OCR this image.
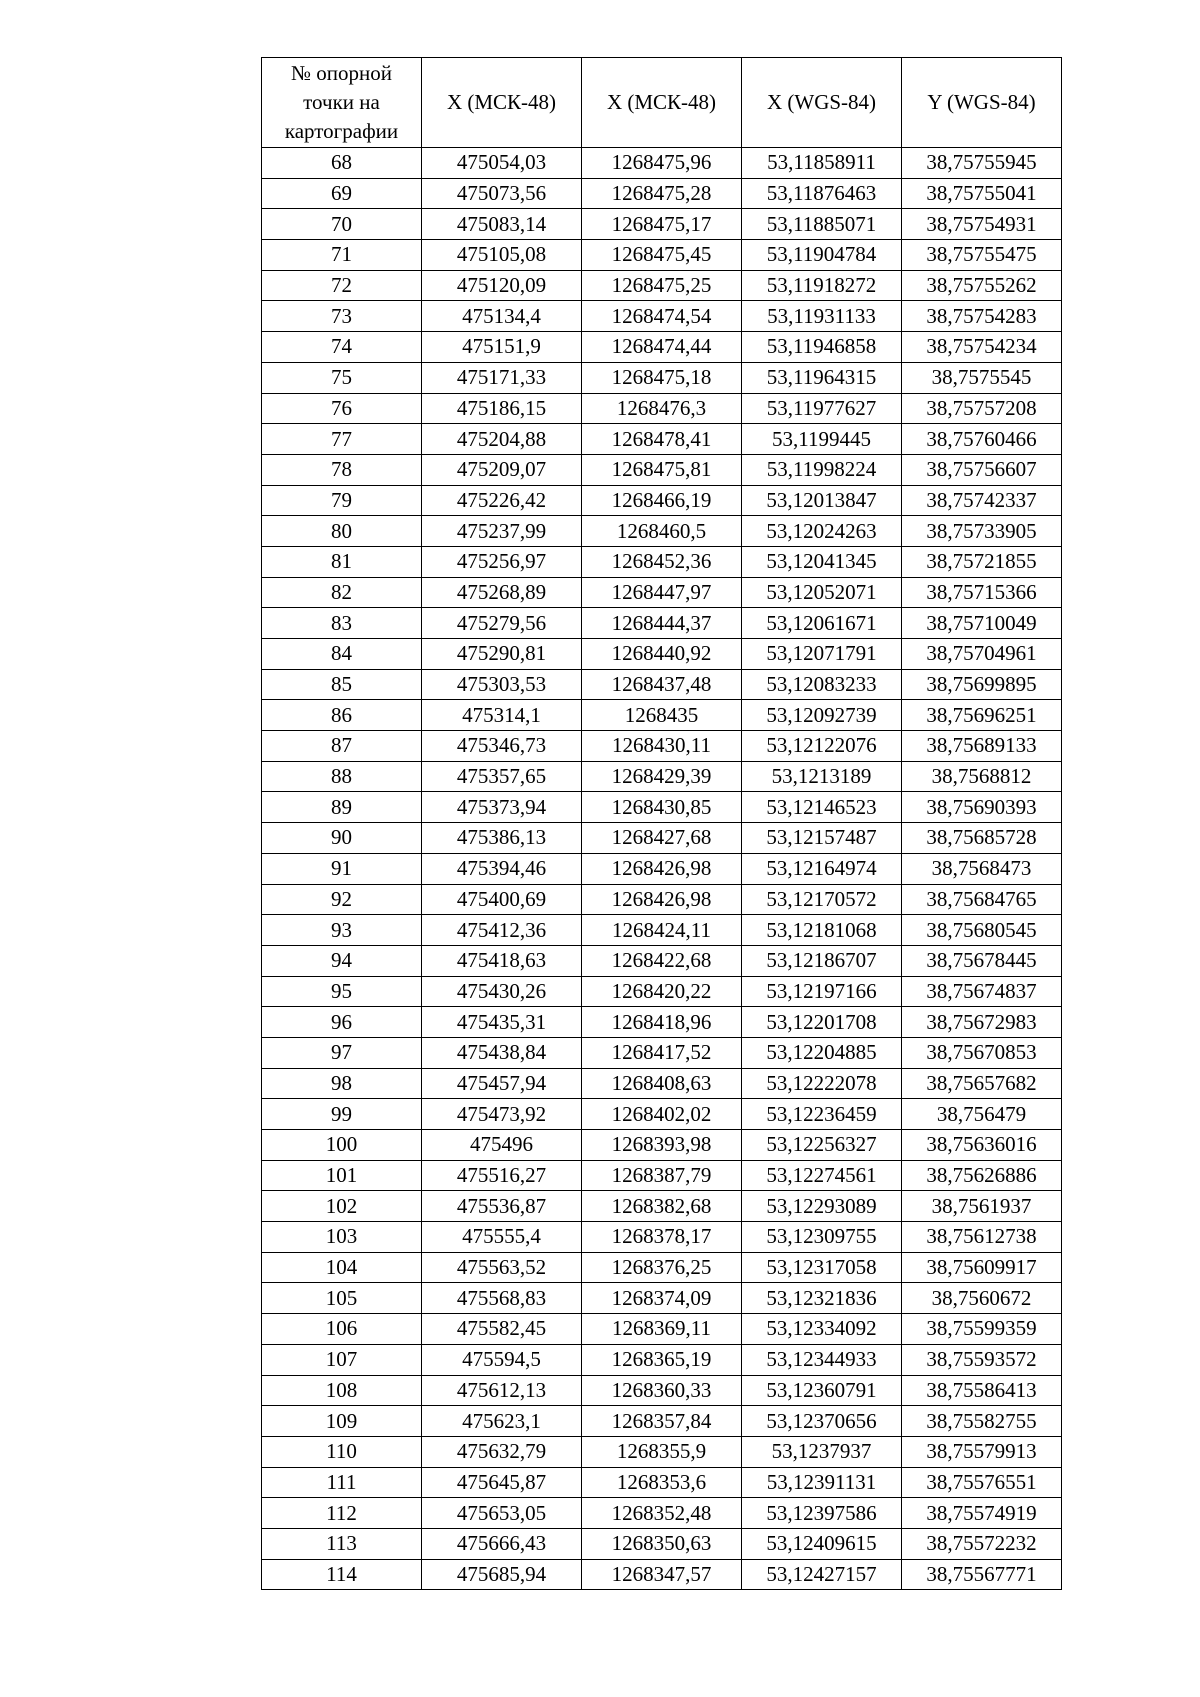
№ опорной
точки на
картографии	X (МСК-48)	X (МСК-48)	X (WGS-84)	Y (WGS-84)
68	475054,03	1268475,96	53,11858911	38,75755945
69	475073,56	1268475,28	53,11876463	38,75755041
70	475083,14	1268475,17	53,11885071	38,75754931
71	475105,08	1268475,45	53,11904784	38,75755475
72	475120,09	1268475,25	53,11918272	38,75755262
73	475134,4	1268474,54	53,11931133	38,75754283
74	475151,9	1268474,44	53,11946858	38,75754234
75	475171,33	1268475,18	53,11964315	38,7575545
76	475186,15	1268476,3	53,11977627	38,75757208
77	475204,88	1268478,41	53,1199445	38,75760466
78	475209,07	1268475,81	53,11998224	38,75756607
79	475226,42	1268466,19	53,12013847	38,75742337
80	475237,99	1268460,5	53,12024263	38,75733905
81	475256,97	1268452,36	53,12041345	38,75721855
82	475268,89	1268447,97	53,12052071	38,75715366
83	475279,56	1268444,37	53,12061671	38,75710049
84	475290,81	1268440,92	53,12071791	38,75704961
85	475303,53	1268437,48	53,12083233	38,75699895
86	475314,1	1268435	53,12092739	38,75696251
87	475346,73	1268430,11	53,12122076	38,75689133
88	475357,65	1268429,39	53,1213189	38,7568812
89	475373,94	1268430,85	53,12146523	38,75690393
90	475386,13	1268427,68	53,12157487	38,75685728
91	475394,46	1268426,98	53,12164974	38,7568473
92	475400,69	1268426,98	53,12170572	38,75684765
93	475412,36	1268424,11	53,12181068	38,75680545
94	475418,63	1268422,68	53,12186707	38,75678445
95	475430,26	1268420,22	53,12197166	38,75674837
96	475435,31	1268418,96	53,12201708	38,75672983
97	475438,84	1268417,52	53,12204885	38,75670853
98	475457,94	1268408,63	53,12222078	38,75657682
99	475473,92	1268402,02	53,12236459	38,756479
100	475496	1268393,98	53,12256327	38,75636016
101	475516,27	1268387,79	53,12274561	38,75626886
102	475536,87	1268382,68	53,12293089	38,7561937
103	475555,4	1268378,17	53,12309755	38,75612738
104	475563,52	1268376,25	53,12317058	38,75609917
105	475568,83	1268374,09	53,12321836	38,7560672
106	475582,45	1268369,11	53,12334092	38,75599359
107	475594,5	1268365,19	53,12344933	38,75593572
108	475612,13	1268360,33	53,12360791	38,75586413
109	475623,1	1268357,84	53,12370656	38,75582755
110	475632,79	1268355,9	53,1237937	38,75579913
111	475645,87	1268353,6	53,12391131	38,75576551
112	475653,05	1268352,48	53,12397586	38,75574919
113	475666,43	1268350,63	53,12409615	38,75572232
114	475685,94	1268347,57	53,12427157	38,75567771
